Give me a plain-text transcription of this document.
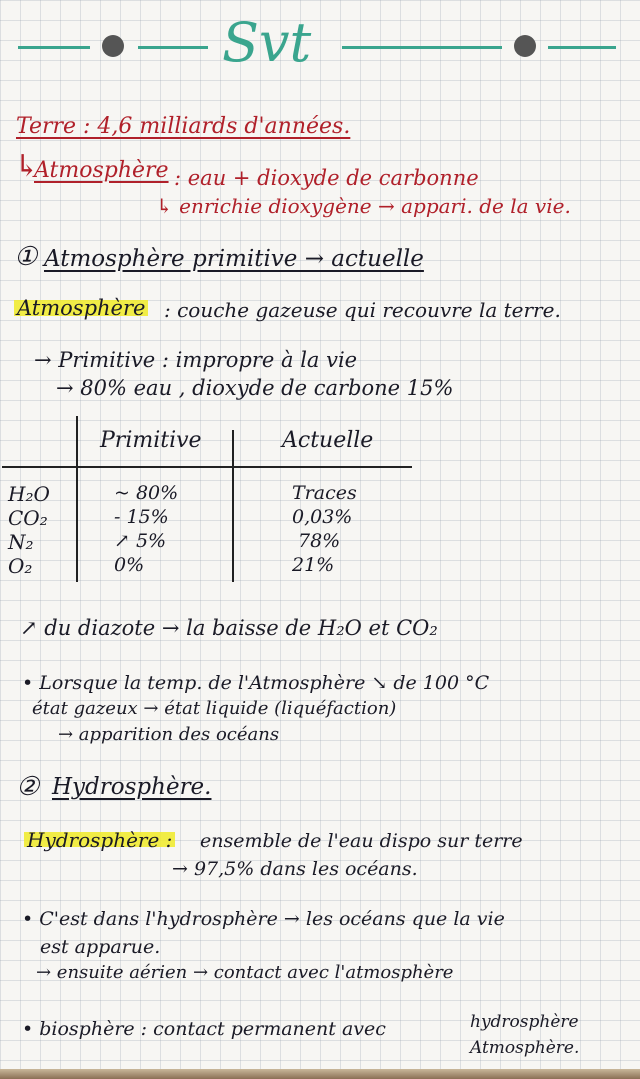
Svt
Terre : 4,6 milliards d'années.
↳
Atmosphère : eau + dioxyde de carbonne
↳ enrichie dioxygène → appari. de la vie.
① Atmosphère primitive → actuelle
Atmosphère : couche gazeuse qui recouvre la terre.
→ Primitive : impropre à la vie
→ 80% eau , dioxyde de carbone 15%
Primitive	Actuelle
H₂O
CO₂
N₂
O₂
~ 80%
- 15%
↗ 5%
0%
Traces
0,03%
78%
21%
↗ du diazote → la baisse de H₂O et CO₂
• Lorsque la temp. de l'Atmosphère ↘ de 100 °C
état gazeux → état liquide (liquéfaction)
→ apparition des océans
② Hydrosphère.
Hydrosphère : ensemble de l'eau dispo sur terre
→ 97,5% dans les océans.
• C'est dans l'hydrosphère → les océans que la vie
est apparue.
→ ensuite aérien → contact avec l'atmosphère
• biosphère : contact permanent avec	hydrosphère
Atmosphère.
